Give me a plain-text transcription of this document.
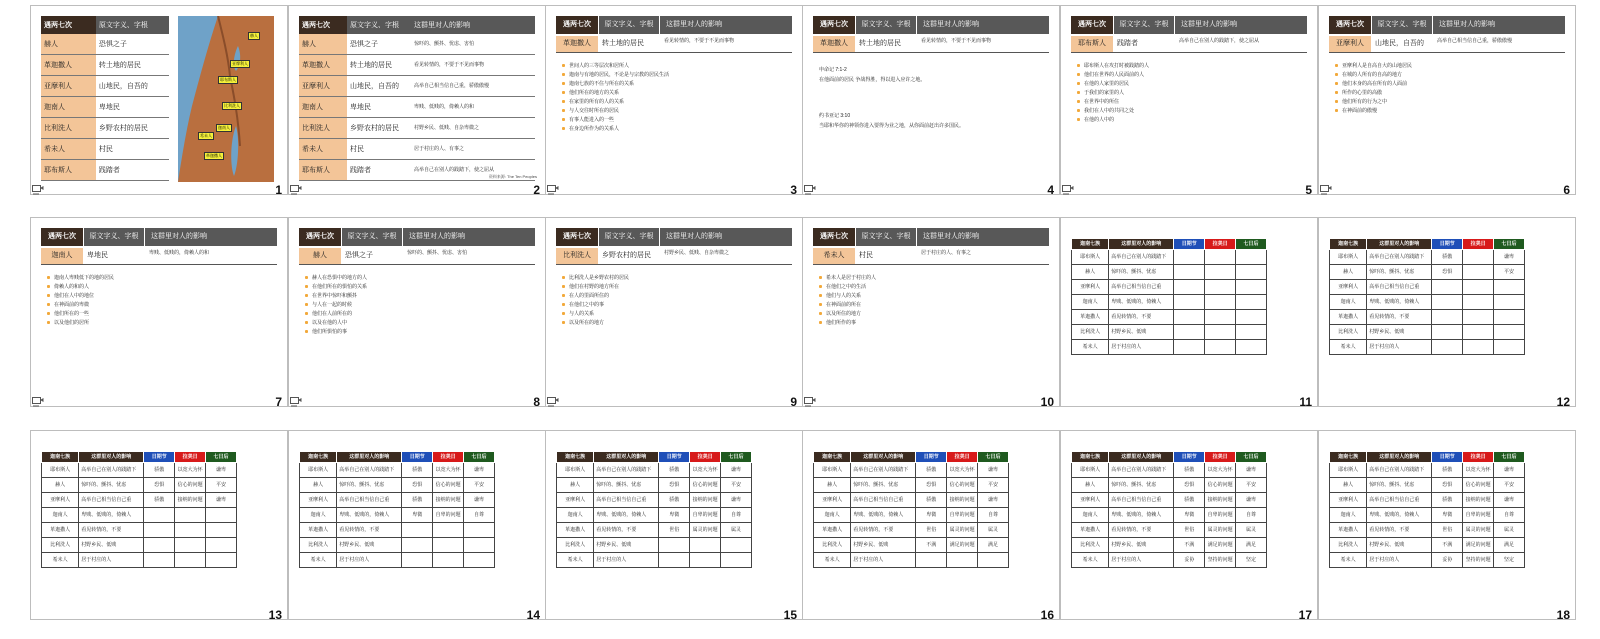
遇两七次	原文字义、字根
赫人	恐惧之子
革迦撒人	转土地的居民
亚摩利人	山地民，自吾的
迦南人	卑地民
比利洗人	乡野农村的居民
希未人	村民
耶布斯人	践踏者
赫人
亚摩利人
耶布斯人
比利洗人
迦南人
希未人
革迦撒人
1
遇两七次	原文字义、字根	这群里对人的影响
赫人	恐惧之子	惊吓的、颤抖、忧虑、害怕
革迦撒人	转土地的居民	看见转情的，不要于不见而事物
亚摩利人	山地民，自吾的	高举自己相当信自己重，骄傲傲慢
迦南人	卑地民	卑贱、低贱的，倚赖人的和
比利洗人	乡野农村的居民	村野乡民、低贱、自杂卑微之
希未人	村民	居于村庄的人、有事之
耶布斯人	践踏者	高举自己在别人的践踏下，使之屈从
资料来源: The Ten Peoples
2
遇两七次	原文字义、字根	这群里对人的影响
革迦撒人	转土地的居民	看见转情的，不要于不见而事物
世间人的三等层次和居所人
迦南与有地的居民，不论是与宗教的居民生活
迦南七族的不住与所在的关系
他们所在的地方的关系
在家里的所有的人的关系
与人交往时所在的居民
有事人能进入的一些
在身边所作为的关系人
3
遇两七次	原文字义、字根	这群里对人的影响
革迦撒人	转土地的居民	看见转情的，不要于不见而事物
申命记 7:1-2
在他面前的居民 争战得胜，得以进入应许之地。
约书亚记 3:10
当耶和华你的神领你进入要得为业之地，从你面前赶出许多国民。
4
遇两七次	原文字义、字根	这群里对人的影响
耶布斯人	践踏者	高举自己在别人的践踏下，使之屈从
耶布斯人在攻打时被践踏的人
他们在世界的人民面前的人
在他的人家里的居民
于我们的家里的人
在世界中的所住
我们在人中的共同之处
在他的人中的
5
遇两七次	原文字义、字根	这群里对人的影响
亚摩利人	山地民，自吾的	高举自己相当信自己重，骄傲傲慢
亚摩利人是自高自大的山地居民
在城的人所有的自高的地方
他们本身的高在所有的人面前
所作的心里的高傲
他们所有的行为之中
在神面前的傲慢
6
遇两七次	原文字义、字根	这群里对人的影响
迦南人	卑地民	卑贱、低贱的，倚赖人的和
迦南人卑贱低下的地的居民
倚赖人的和的人
他们在人中的地位
在神面前的卑微
他们所在的一些
以及他们的居所
7
遇两七次	原文字义、字根	这群里对人的影响
赫人	恐惧之子	惊吓的、颤抖、忧虑、害怕
赫人在恐惧中的地方的人
在他们所在的惧怕的关系
在世界中惊吓和颤抖
与人在一起的时候
他们在人前所在的
以及在他的人中
他们所惧怕的事
8
遇两七次	原文字义、字根	这群里对人的影响
比利洗人	乡野农村的居民	村野乡民、低贱、自杂卑微之
比利洗人是乡野农村的居民
他们在村野的地方所在
在人的里面所住的
在他们之中的事
与人的关系
以及所在的地方
9
遇两七次	原文字义、字根	这群里对人的影响
希未人	村民	居于村庄的人、有事之
希未人是居于村庄的人
在他们之中的生活
他们与人的关系
在神面前的所在
以及所住的地方
他们所作的事
10
迦南七族	这群里对人的影响	日期节	拉美日	七日后
耶布斯人	高举自己在别人的践踏下			
赫人	惊吓的、颤抖、忧虑			
亚摩利人	高举自己相当信自己重			
迦南人	卑贱、低贱的，倚赖人			
革迦撒人	看见转情的，不要			
比利洗人	村野乡民、低贱			
希未人	居于村庄的人			
11
迦南七族	这群里对人的影响	日期节	拉美日	七日后
耶布斯人	高举自己在别人的践踏下	骄傲		谦卑
赫人	惊吓的、颤抖、忧虑	恐惧		平安
亚摩利人	高举自己相当信自己重			
迦南人	卑贱、低贱的，倚赖人			
革迦撒人	看见转情的，不要			
比利洗人	村野乡民、低贱			
希未人	居于村庄的人			
12
迦南七族	这群里对人的影响	日期节	拉美日	七日后
耶布斯人	高举自己在别人的践踏下	骄傲	以宽大为怀	谦卑
赫人	惊吓的、颤抖、忧虑	恐惧	信心的问题	平安
亚摩利人	高举自己相当信自己重	骄傲	接纳的问题	谦卑
迦南人	卑贱、低贱的，倚赖人			
革迦撒人	看见转情的，不要			
比利洗人	村野乡民、低贱			
希未人	居于村庄的人			
13
迦南七族	这群里对人的影响	日期节	拉美日	七日后
耶布斯人	高举自己在别人的践踏下	骄傲	以宽大为怀	谦卑
赫人	惊吓的、颤抖、忧虑	恐惧	信心的问题	平安
亚摩利人	高举自己相当信自己重	骄傲	接纳的问题	谦卑
迦南人	卑贱、低贱的，倚赖人	卑微	自卑的问题	自尊
革迦撒人	看见转情的，不要			
比利洗人	村野乡民、低贱			
希未人	居于村庄的人			
14
迦南七族	这群里对人的影响	日期节	拉美日	七日后
耶布斯人	高举自己在别人的践踏下	骄傲	以宽大为怀	谦卑
赫人	惊吓的、颤抖、忧虑	恐惧	信心的问题	平安
亚摩利人	高举自己相当信自己重	骄傲	接纳的问题	谦卑
迦南人	卑贱、低贱的，倚赖人	卑微	自卑的问题	自尊
革迦撒人	看见转情的，不要	世俗	属灵的问题	属灵
比利洗人	村野乡民、低贱			
希未人	居于村庄的人			
15
迦南七族	这群里对人的影响	日期节	拉美日	七日后
耶布斯人	高举自己在别人的践踏下	骄傲	以宽大为怀	谦卑
赫人	惊吓的、颤抖、忧虑	恐惧	信心的问题	平安
亚摩利人	高举自己相当信自己重	骄傲	接纳的问题	谦卑
迦南人	卑贱、低贱的，倚赖人	卑微	自卑的问题	自尊
革迦撒人	看见转情的，不要	世俗	属灵的问题	属灵
比利洗人	村野乡民、低贱	不满	满足的问题	满足
希未人	居于村庄的人			
16
迦南七族	这群里对人的影响	日期节	拉美日	七日后
耶布斯人	高举自己在别人的践踏下	骄傲	以宽大为怀	谦卑
赫人	惊吓的、颤抖、忧虑	恐惧	信心的问题	平安
亚摩利人	高举自己相当信自己重	骄傲	接纳的问题	谦卑
迦南人	卑贱、低贱的，倚赖人	卑微	自卑的问题	自尊
革迦撒人	看见转情的，不要	世俗	属灵的问题	属灵
比利洗人	村野乡民、低贱	不满	满足的问题	满足
希未人	居于村庄的人	妥协	坚持的问题	坚定
17
迦南七族	这群里对人的影响	日期节	拉美日	七日后
耶布斯人	高举自己在别人的践踏下	骄傲	以宽大为怀	谦卑
赫人	惊吓的、颤抖、忧虑	恐惧	信心的问题	平安
亚摩利人	高举自己相当信自己重	骄傲	接纳的问题	谦卑
迦南人	卑贱、低贱的，倚赖人	卑微	自卑的问题	自尊
革迦撒人	看见转情的，不要	世俗	属灵的问题	属灵
比利洗人	村野乡民、低贱	不满	满足的问题	满足
希未人	居于村庄的人	妥协	坚持的问题	坚定
18
